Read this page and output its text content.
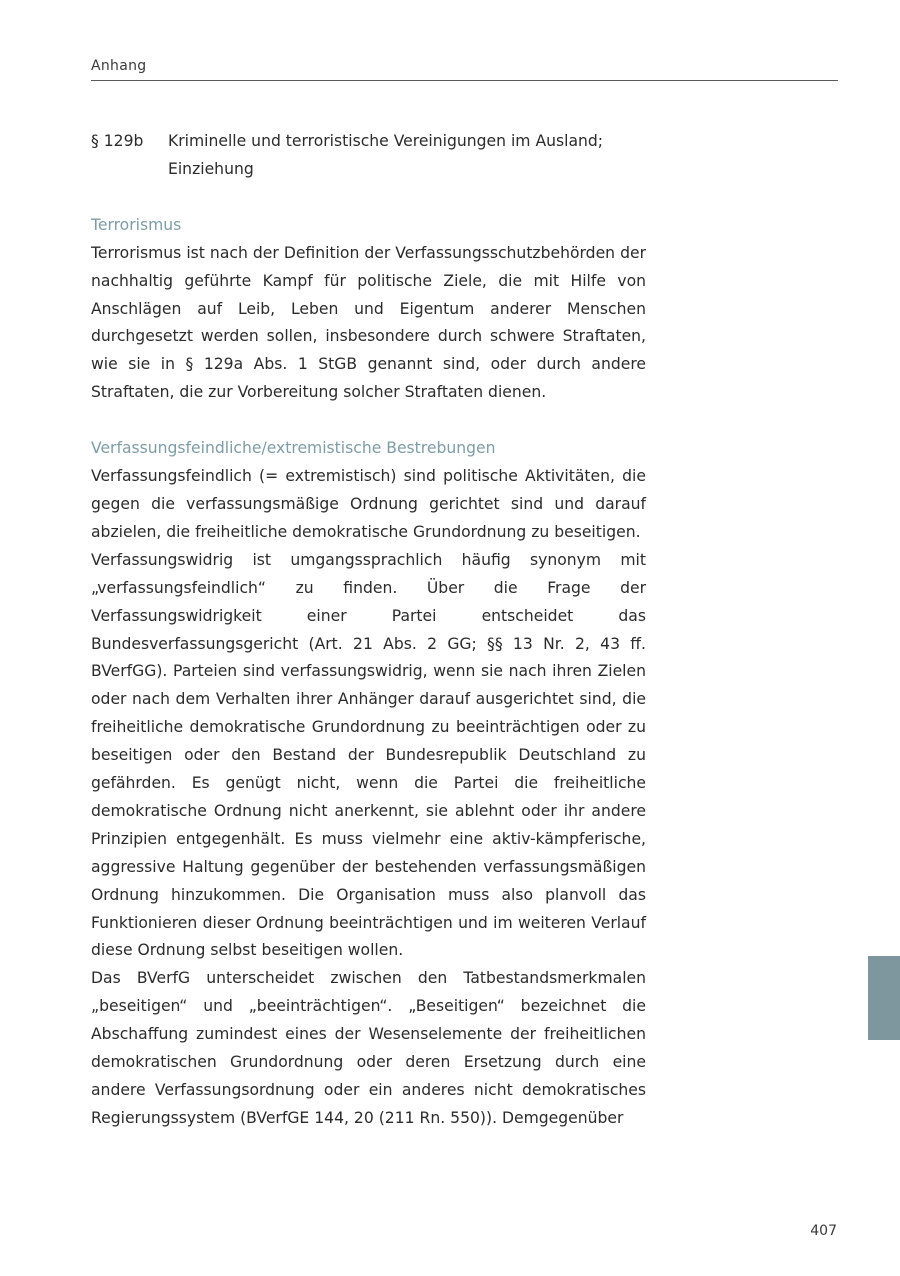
Anhang
§ 129b	Kriminelle und terroristische Vereinigungen im Ausland; Einziehung
Terrorismus

Terrorismus ist nach der Definition der Verfassungsschutzbehörden der nachhaltig geführte Kampf für politische Ziele, die mit Hilfe von Anschlägen auf Leib, Leben und Eigentum anderer Menschen durchgesetzt werden sollen, insbesondere durch schwere Straftaten, wie sie in § 129a Abs. 1 StGB genannt sind, oder durch andere Straftaten, die zur Vorbereitung solcher Straftaten dienen.

Verfassungsfeindliche/extremistische Bestrebungen

Verfassungsfeindlich (= extremistisch) sind politische Aktivitäten, die gegen die verfassungsmäßige Ordnung gerichtet sind und darauf abzielen, die freiheitliche demokratische Grundordnung zu beseitigen.

Verfassungswidrig ist umgangssprachlich häufig synonym mit „verfassungsfeindlich“ zu finden. Über die Frage der Verfassungswidrigkeit einer Partei entscheidet das Bundesverfassungsgericht (Art. 21 Abs. 2 GG; §§ 13 Nr. 2, 43 ff. BVerfGG). Parteien sind verfassungswidrig, wenn sie nach ihren Zielen oder nach dem Verhalten ihrer Anhänger darauf ausgerichtet sind, die freiheitliche demokratische Grundordnung zu beeinträchtigen oder zu beseitigen oder den Bestand der Bundesrepublik Deutschland zu gefährden. Es genügt nicht, wenn die Partei die freiheitliche demokratische Ordnung nicht anerkennt, sie ablehnt oder ihr andere Prinzipien entgegenhält. Es muss vielmehr eine aktiv-kämpferische, aggressive Haltung gegenüber der bestehenden verfassungsmäßigen Ordnung hinzukommen. Die Organisation muss also planvoll das Funktionieren dieser Ordnung beeinträchtigen und im weiteren Verlauf diese Ordnung selbst beseitigen wollen.

Das BVerfG unterscheidet zwischen den Tatbestandsmerkmalen „beseitigen“ und „beeinträchtigen“. „Beseitigen“ bezeichnet die Abschaffung zumindest eines der Wesenselemente der freiheitlichen demokratischen Grundordnung oder deren Ersetzung durch eine andere Verfassungsordnung oder ein anderes nicht demokratisches Regierungssystem (BVerfGE 144, 20 (211 Rn. 550)). Demgegenüber

407
